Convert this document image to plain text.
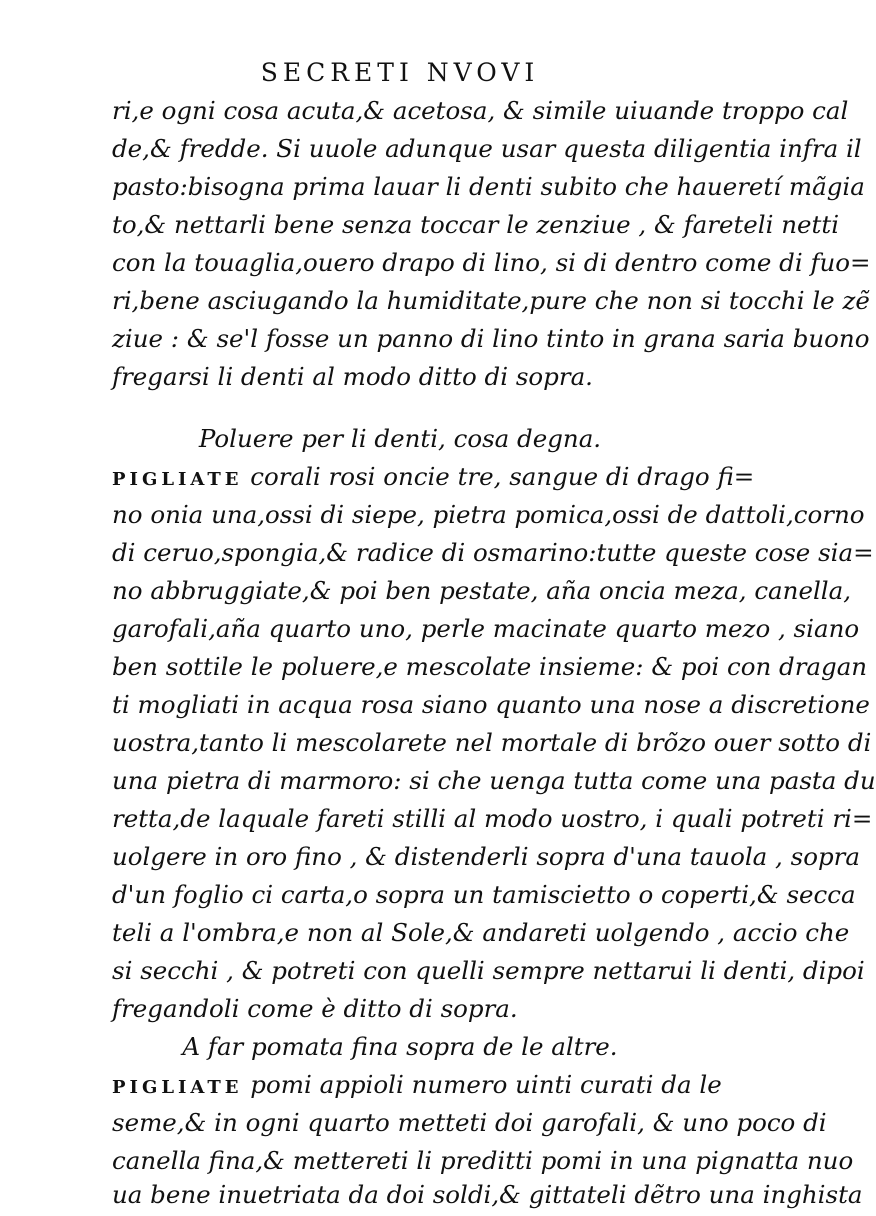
SECRETI NVOVI
ri,e ogni cosa acuta,& acetosa, & simile uiuande troppo cal
de,& fredde. Si uuole adunque usar questa diligentia infra il
pasto:bisogna prima lauar li denti subito che haueretí mãgia
to,& nettarli bene senza toccar le zenziue , & fareteli netti
con la touaglia,ouero drapo di lino, si di dentro come di fuo=
ri,bene asciugando la humiditate,pure che non si tocchi le zẽ
ziue : & se'l fosse un panno di lino tinto in grana saria buono
fregarsi li denti al modo ditto di sopra.
Poluere per li denti, cosa degna.
PIGLIATE corali rosi oncie tre, sangue di drago fi=
no onia una,ossi di siepe, pietra pomica,ossi de dattoli,corno
di ceruo,spongia,& radice di osmarino:tutte queste cose sia=
no abbruggiate,& poi ben pestate, aña oncia meza, canella,
garofali,aña quarto uno, perle macinate quarto mezo , siano
ben sottile le poluere,e mescolate insieme: & poi con dragan
ti mogliati in acqua rosa siano quanto una nose a discretione
uostra,tanto li mescolarete nel mortale di brõzo ouer sotto di
una pietra di marmoro: si che uenga tutta come una pasta du
retta,de laquale fareti stilli al modo uostro, i quali potreti ri=
uolgere in oro fino , & distenderli sopra d'una tauola , sopra
d'un foglio ci carta,o sopra un tamiscietto o coperti,& secca
teli a l'ombra,e non al Sole,& andareti uolgendo , accio che
si secchi , & potreti con quelli sempre nettarui li denti, dipoi
fregandoli come è ditto di sopra.
A far pomata fina sopra de le altre.
PIGLIATE pomi appioli numero uinti curati da le
seme,& in ogni quarto metteti doi garofali, & uno poco di
canella fina,& mettereti li preditti pomi in una pignatta nuo
ua bene inuetriata da doi soldi,& gittateli dẽtro una inghista
